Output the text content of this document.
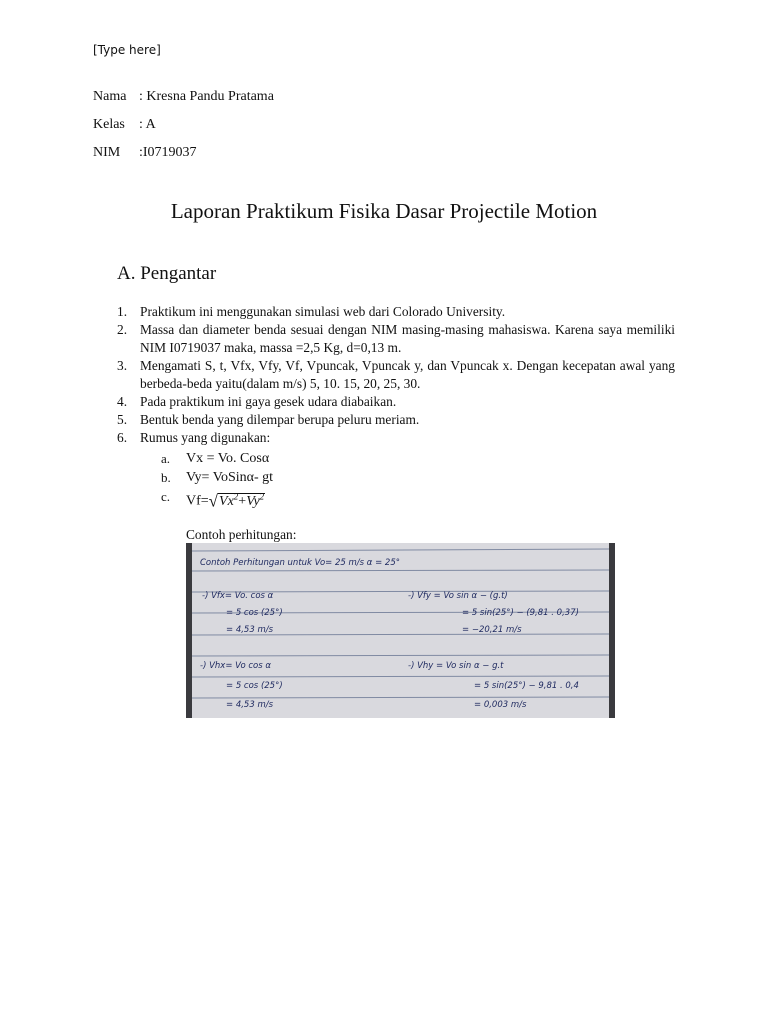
[Type here]
Nama : Kresna Pandu Pratama
Kelas : A
NIM :I0719037
Laporan Praktikum Fisika Dasar Projectile Motion
A. Pengantar
1. Praktikum ini menggunakan simulasi web dari Colorado University.
2. Massa dan diameter benda sesuai dengan NIM masing-masing mahasiswa. Karena saya memiliki NIM I0719037 maka, massa =2,5 Kg, d=0,13 m.
3. Mengamati S, t, Vfx, Vfy, Vf, Vpuncak, Vpuncak y, dan Vpuncak x. Dengan kecepatan awal yang berbeda-beda yaitu(dalam m/s) 5, 10. 15, 20, 25, 30.
4. Pada praktikum ini gaya gesek udara diabaikan.
5. Bentuk benda yang dilempar berupa peluru meriam.
6. Rumus yang digunakan:
a. Vx = Vo. Cosα
b. Vy= VoSinα- gt
c. $Vf=√Vx^2+Vy^2$
Contoh perhitungan:
Contoh Perhitungan untuk Vo= 25 m/s α = 25°
-) Vfx= Vo. cos α
= 5 cos (25°)
= 4,53 m/s
-) Vfy = Vo sin α − (g.t)
= 5 sin(25°) − (9,81 . 0,37)
= −20,21 m/s
-) Vhx= Vo cos α
= 5 cos (25°)
= 4,53 m/s
-) Vhy = Vo sin α − g.t
= 5 sin(25°) − 9,81 . 0,4
= 0,003 m/s
